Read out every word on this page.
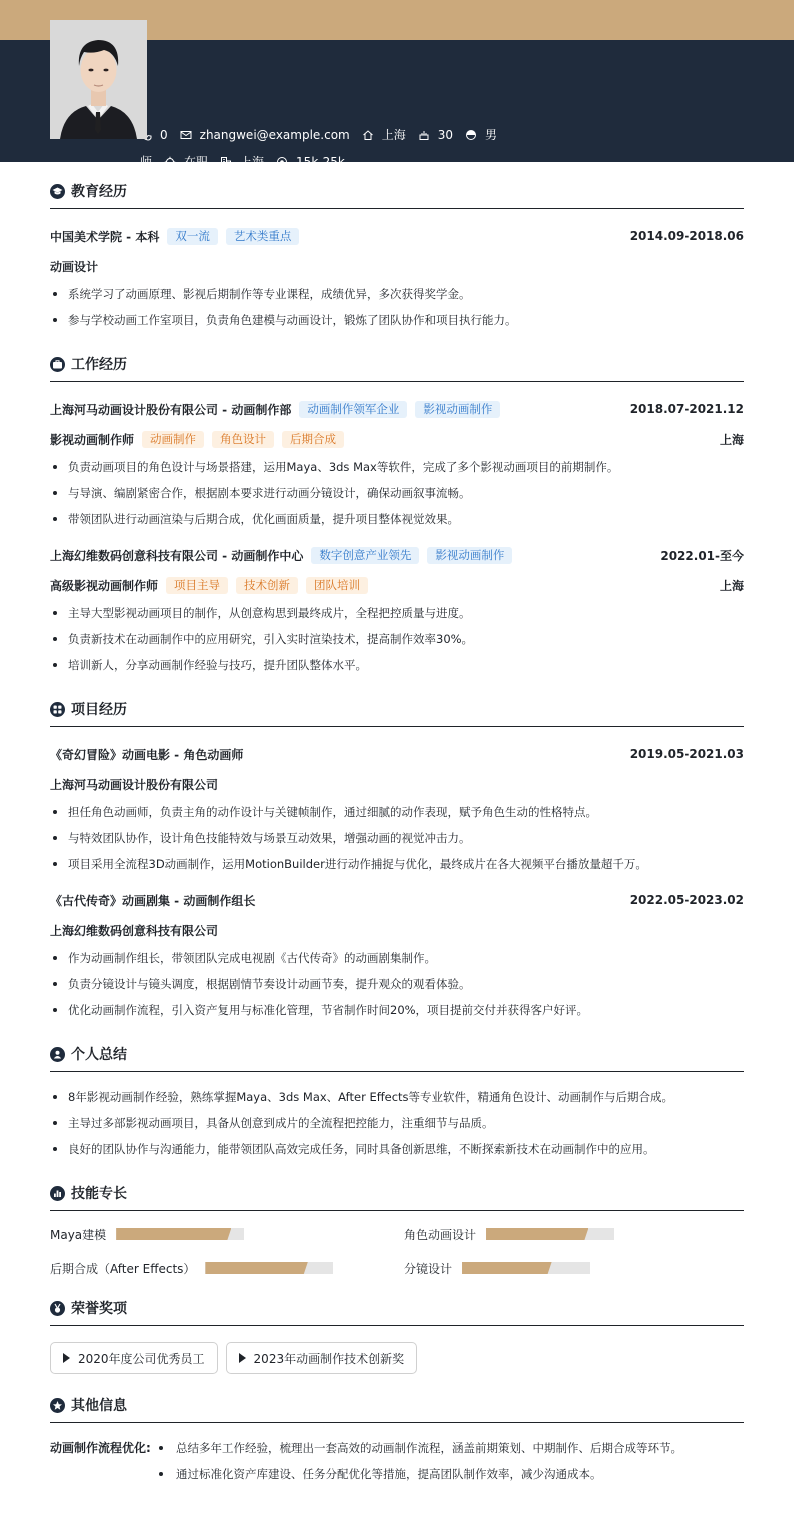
0	zhangwei@example.com	上海	30	男
师	在职	上海	15k-25k
教育经历
中国美术学院 - 本科	双一流	艺术类重点	2014.09-2018.06
动画设计
系统学习了动画原理、影视后期制作等专业课程，成绩优异，多次获得奖学金。
参与学校动画工作室项目，负责角色建模与动画设计，锻炼了团队协作和项目执行能力。
工作经历
上海河马动画设计股份有限公司 - 动画制作部	动画制作领军企业	影视动画制作	2018.07-2021.12
影视动画制作师	动画制作	角色设计	后期合成	上海
负责动画项目的角色设计与场景搭建，运用Maya、3ds Max等软件，完成了多个影视动画项目的前期制作。
与导演、编剧紧密合作，根据剧本要求进行动画分镜设计，确保动画叙事流畅。
带领团队进行动画渲染与后期合成，优化画面质量，提升项目整体视觉效果。
上海幻维数码创意科技有限公司 - 动画制作中心	数字创意产业领先	影视动画制作	2022.01-至今
高级影视动画制作师	项目主导	技术创新	团队培训	上海
主导大型影视动画项目的制作，从创意构思到最终成片，全程把控质量与进度。
负责新技术在动画制作中的应用研究，引入实时渲染技术，提高制作效率30%。
培训新人，分享动画制作经验与技巧，提升团队整体水平。
项目经历
《奇幻冒险》动画电影 - 角色动画师	2019.05-2021.03
上海河马动画设计股份有限公司
担任角色动画师，负责主角的动作设计与关键帧制作，通过细腻的动作表现，赋予角色生动的性格特点。
与特效团队协作，设计角色技能特效与场景互动效果，增强动画的视觉冲击力。
项目采用全流程3D动画制作，运用MotionBuilder进行动作捕捉与优化，最终成片在各大视频平台播放量超千万。
《古代传奇》动画剧集 - 动画制作组长	2022.05-2023.02
上海幻维数码创意科技有限公司
作为动画制作组长，带领团队完成电视剧《古代传奇》的动画剧集制作。
负责分镜设计与镜头调度，根据剧情节奏设计动画节奏，提升观众的观看体验。
优化动画制作流程，引入资产复用与标准化管理，节省制作时间20%，项目提前交付并获得客户好评。
个人总结
8年影视动画制作经验，熟练掌握Maya、3ds Max、After Effects等专业软件，精通角色设计、动画制作与后期合成。
主导过多部影视动画项目，具备从创意到成片的全流程把控能力，注重细节与品质。
良好的团队协作与沟通能力，能带领团队高效完成任务，同时具备创新思维，不断探索新技术在动画制作中的应用。
技能专长
Maya建模	角色动画设计
后期合成（After Effects）	分镜设计
荣誉奖项
2020年度公司优秀员工	2023年动画制作技术创新奖
其他信息
动画制作流程优化:	总结多年工作经验，梳理出一套高效的动画制作流程，涵盖前期策划、中期制作、后期合成等环节。
通过标准化资产库建设、任务分配优化等措施，提高团队制作效率，减少沟通成本。
